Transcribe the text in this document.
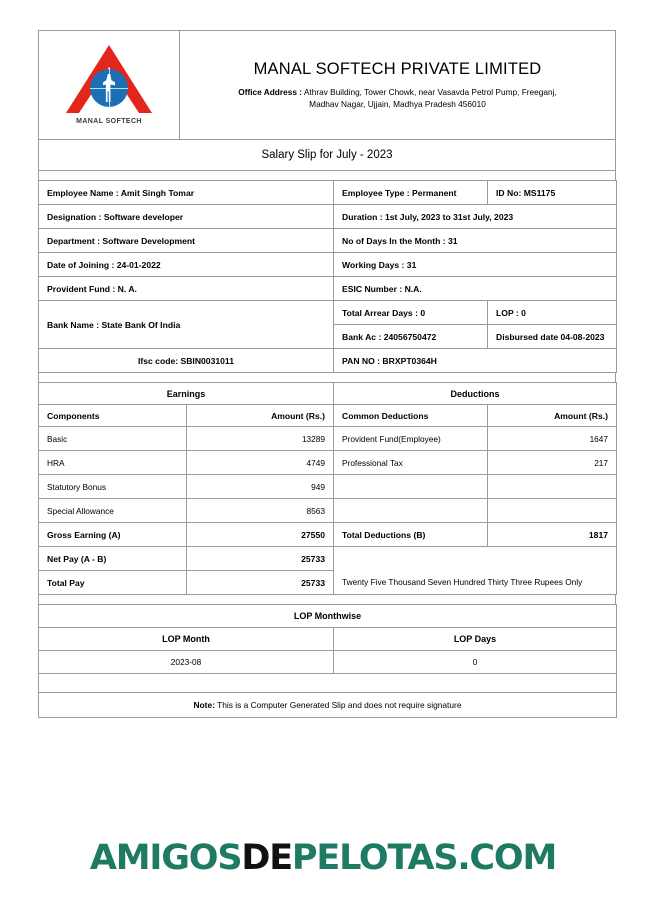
MANAL SOFTECH

MANAL SOFTECH PRIVATE LIMITED
Office Address : Athrav Building, Tower Chowk, near Vasavda Petrol Pump, Freeganj,
Madhav Nagar, Ujjain, Madhya Pradesh 456010

Salary Slip for July - 2023
Employee Name : Amit Singh Tomar	Employee Type : Permanent	ID No: MS1175
Designation : Software developer	Duration : 1st July, 2023 to 31st July, 2023	
Department : Software Development	No of Days In the Month : 31	
Date of Joining : 24-01-2022	Working Days : 31	
Provident Fund : N. A.	ESIC Number : N.A.	
Bank Name : State Bank Of India	Total Arrear Days : 0	LOP : 0
	Bank Ac : 24056750472	Disbursed date 04-08-2023

Ifsc code: SBIN0031011	PAN NO : BRXPT0364H	
Earnings		Deductions	
Components	Amount (Rs.)	Common Deductions	Amount (Rs.)
Basic	13289	Provident Fund(Employee)	1647
HRA	4749	Professional Tax	217
Statutory Bonus	949		
Special Allowance	8563		
Gross Earning (A)	27550	Total Deductions (B)	1817
Net Pay (A - B)	25733		
Total Pay	25733	Twenty Five Thousand Seven Hundred Thirty Three Rupees Only	
LOP Monthwise	
LOP Month	LOP Days
2023-08	0

Note: This is a Computer Generated Slip and does not require signature	
AMIGOSDEPELOTAS.COM
